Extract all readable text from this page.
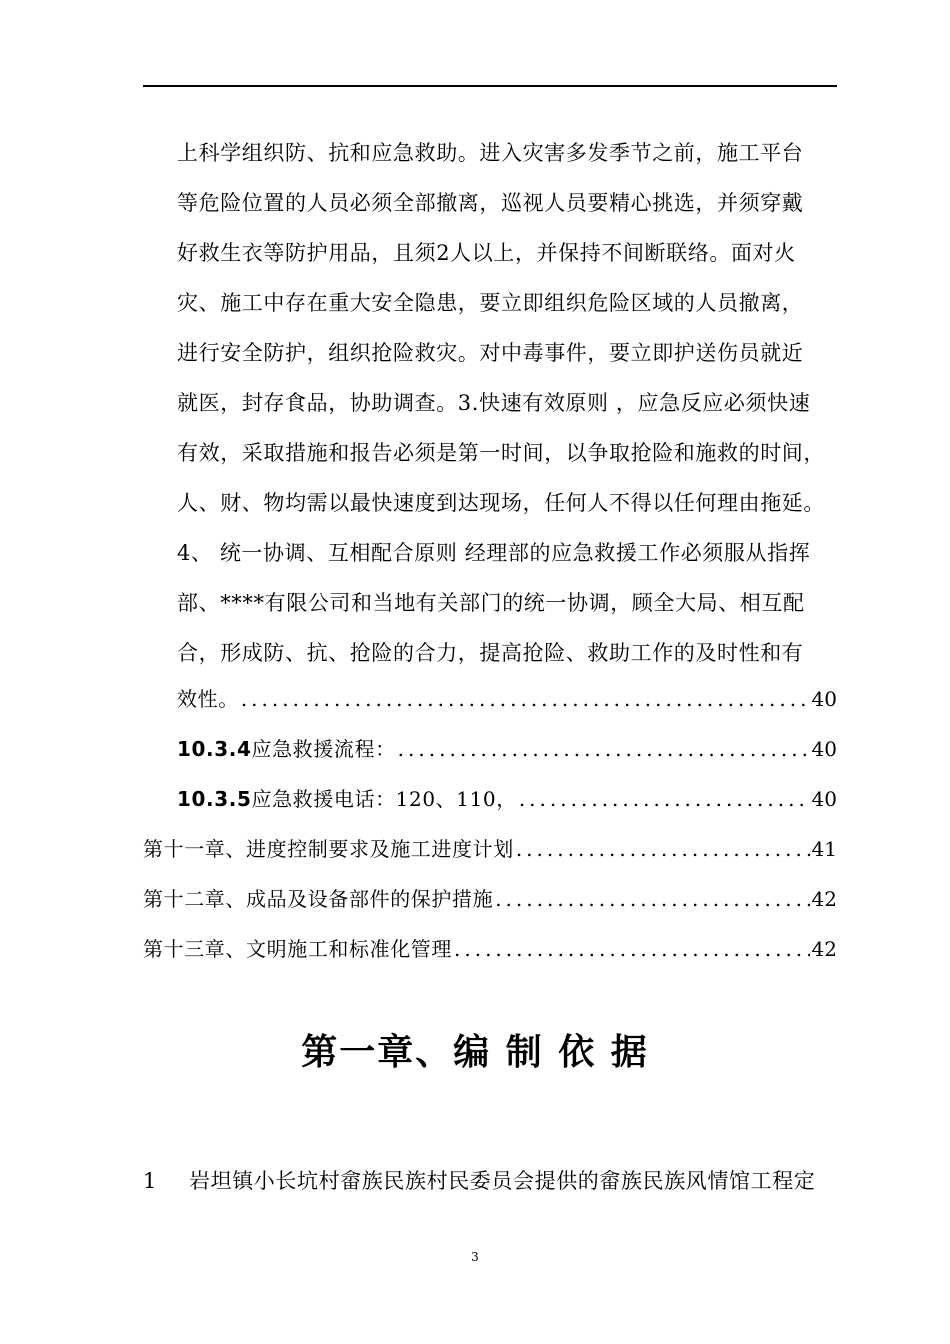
上科学组织防、抗和应急救助。进入灾害多发季节之前，施工平台
等危险位置的人员必须全部撤离，巡视人员要精心挑选，并须穿戴
好救生衣等防护用品，且须2人以上，并保持不间断联络。面对火
灾、施工中存在重大安全隐患，要立即组织危险区域的人员撤离，
进行安全防护，组织抢险救灾。对中毒事件，要立即护送伤员就近
就医，封存食品，协助调查。3.快速有效原则 ，应急反应必须快速
有效，采取措施和报告必须是第一时间，以争取抢险和施救的时间，
人、财、物均需以最快速度到达现场，任何人不得以任何理由拖延。
4、 统一协调、互相配合原则 经理部的应急救援工作必须服从指挥
部、****有限公司和当地有关部门的统一协调，顾全大局、相互配
合，形成防、抗、抢险的合力，提高抢险、救助工作的及时性和有
效性。 .....	40
10.3.4应急救援流程： .....	40
10.3.5应急救援电话：120、110， .....	40
第十一章、进度控制要求及施工进度计划 .....	41
第十二章、成品及设备部件的保护措施 .....	42
第十三章、文明施工和标准化管理 .....	42
第一章、编 制 依 据
1 岩坦镇小长坑村畲族民族村民委员会提供的畲族民族风情馆工程定
3
